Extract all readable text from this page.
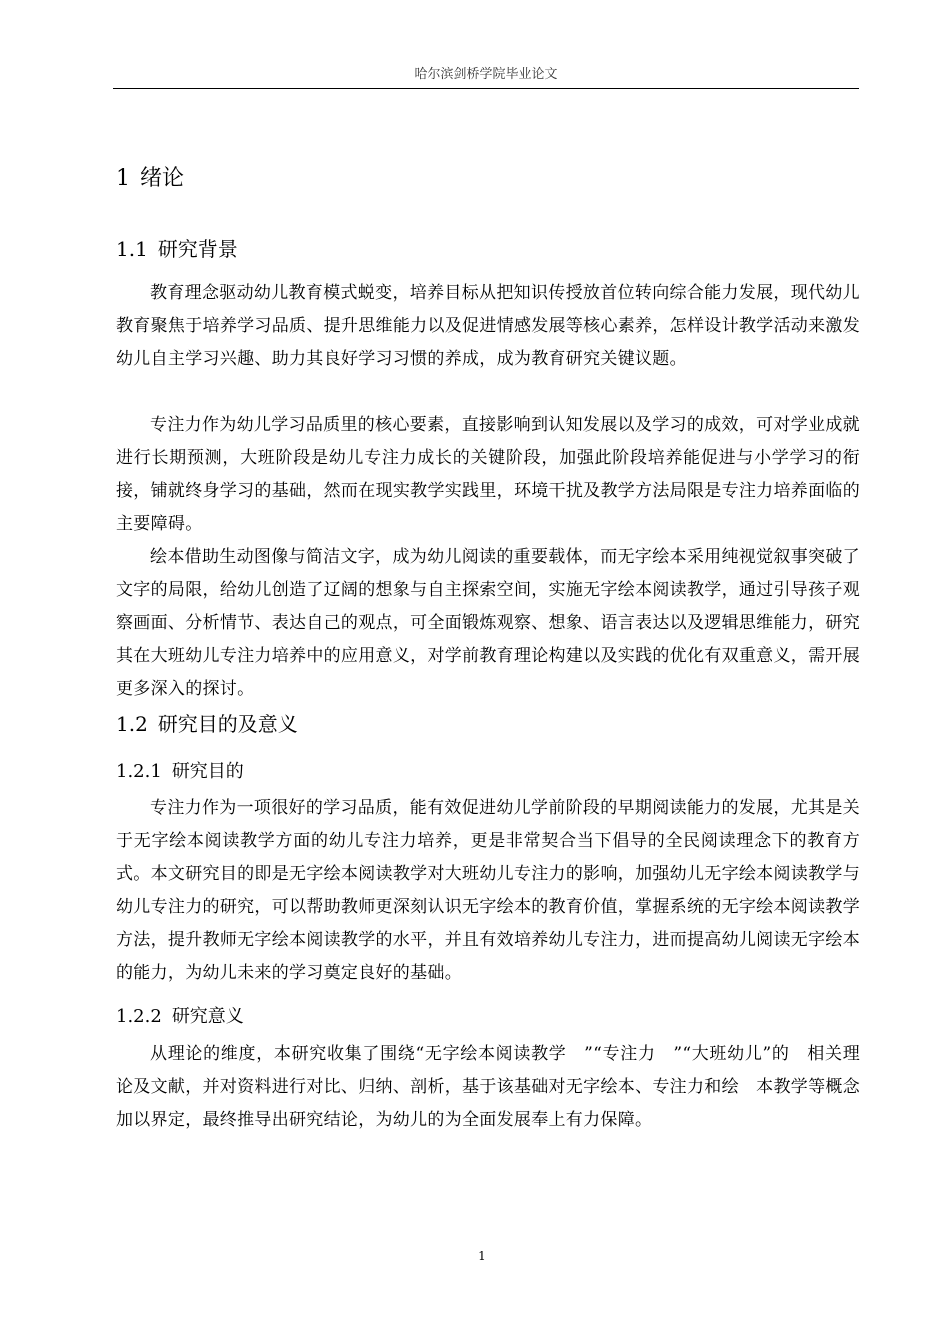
哈尔滨剑桥学院毕业论文
1 绪论
1.1 研究背景

教育理念驱动幼儿教育模式蜕变，培养目标从把知识传授放首位转向综合能力发展，现代幼儿教育聚焦于培养学习品质、提升思维能力以及促进情感发展等核心素养，怎样设计教学活动来激发幼儿自主学习兴趣、助力其良好学习习惯的养成，成为教育研究关键议题。

专注力作为幼儿学习品质里的核心要素，直接影响到认知发展以及学习的成效，可对学业成就进行长期预测，大班阶段是幼儿专注力成长的关键阶段，加强此阶段培养能促进与小学学习的衔接，铺就终身学习的基础，然而在现实教学实践里，环境干扰及教学方法局限是专注力培养面临的主要障碍。

绘本借助生动图像与简洁文字，成为幼儿阅读的重要载体，而无字绘本采用纯视觉叙事突破了文字的局限，给幼儿创造了辽阔的想象与自主探索空间，实施无字绘本阅读教学，通过引导孩子观察画面、分析情节、表达自己的观点，可全面锻炼观察、想象、语言表达以及逻辑思维能力，研究其在大班幼儿专注力培养中的应用意义，对学前教育理论构建以及实践的优化有双重意义，需开展更多深入的探讨。

1.2 研究目的及意义
1.2.1 研究目的

专注力作为一项很好的学习品质，能有效促进幼儿学前阶段的早期阅读能力的发展，尤其是关于无字绘本阅读教学方面的幼儿专注力培养，更是非常契合当下倡导的全民阅读理念下的教育方式。本文研究目的即是无字绘本阅读教学对大班幼儿专注力的影响，加强幼儿无字绘本阅读教学与幼儿专注力的研究，可以帮助教师更深刻认识无字绘本的教育价值，掌握系统的无字绘本阅读教学方法，提升教师无字绘本阅读教学的水平，并且有效培养幼儿专注力，进而提高幼儿阅读无字绘本的能力，为幼儿未来的学习奠定良好的基础。

1.2.2 研究意义

从理论的维度，本研究收集了围绕“无字绘本阅读教学　”“专注力　”“大班幼儿”的　相关理论及文献，并对资料进行对比、归纳、剖析，基于该基础对无字绘本、专注力和绘　本教学等概念加以界定，最终推导出研究结论，为幼儿的为全面发展奉上有力保障。

1
